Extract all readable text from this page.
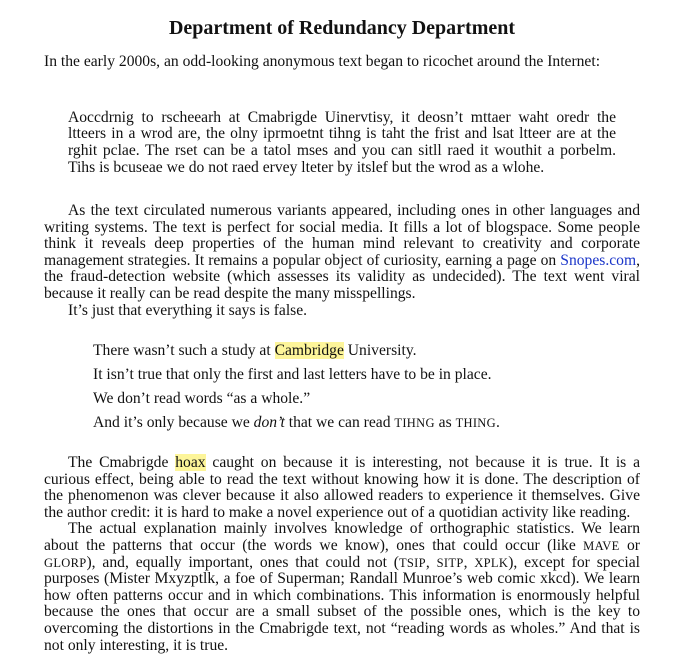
Department of Redundancy Department

In the early 2000s, an odd-looking anonymous text began to ricochet around the Internet:

Aoccdrnig to rscheearh at Cmabrigde Uinervtisy, it deosn’t mttaer waht oredr the ltteers in a wrod are, the olny iprmoetnt tihng is taht the frist and lsat ltteer are at the rghit pclae. The rset can be a tatol mses and you can sitll raed it wouthit a porbelm. Tihs is bcuseae we do not raed ervey lteter by itslef but the wrod as a wlohe.

As the text circulated numerous variants appeared, including ones in other languages and writing systems. The text is perfect for social media. It fills a lot of blogspace. Some people think it reveals deep properties of the human mind relevant to creativity and corporate management strategies. It remains a popular object of curiosity, earning a page on Snopes.com, the fraud-detection website (which assesses its validity as undecided). The text went viral because it really can be read despite the many misspellings.

It’s just that everything it says is false.

There wasn’t such a study at Cambridge University.
It isn’t true that only the first and last letters have to be in place.
We don’t read words “as a whole.”
And it’s only because we don’t that we can read TIHNG as THING.

The Cmabrigde hoax caught on because it is interesting, not because it is true. It is a curious effect, being able to read the text without knowing how it is done. The description of the phenomenon was clever because it also allowed readers to experience it themselves. Give the author credit: it is hard to make a novel experience out of a quotidian activity like reading.

The actual explanation mainly involves knowledge of orthographic statistics. We learn about the patterns that occur (the words we know), ones that could occur (like MAVE or GLORP), and, equally important, ones that could not (TSIP, SITP, XPLK), except for special purposes (Mister Mxyzptlk, a foe of Superman; Randall Munroe’s web comic xkcd). We learn how often patterns occur and in which combinations. This information is enormously helpful because the ones that occur are a small subset of the possible ones, which is the key to overcoming the distortions in the Cmabrigde text, not “reading words as wholes.” And that is not only interesting, it is true.
